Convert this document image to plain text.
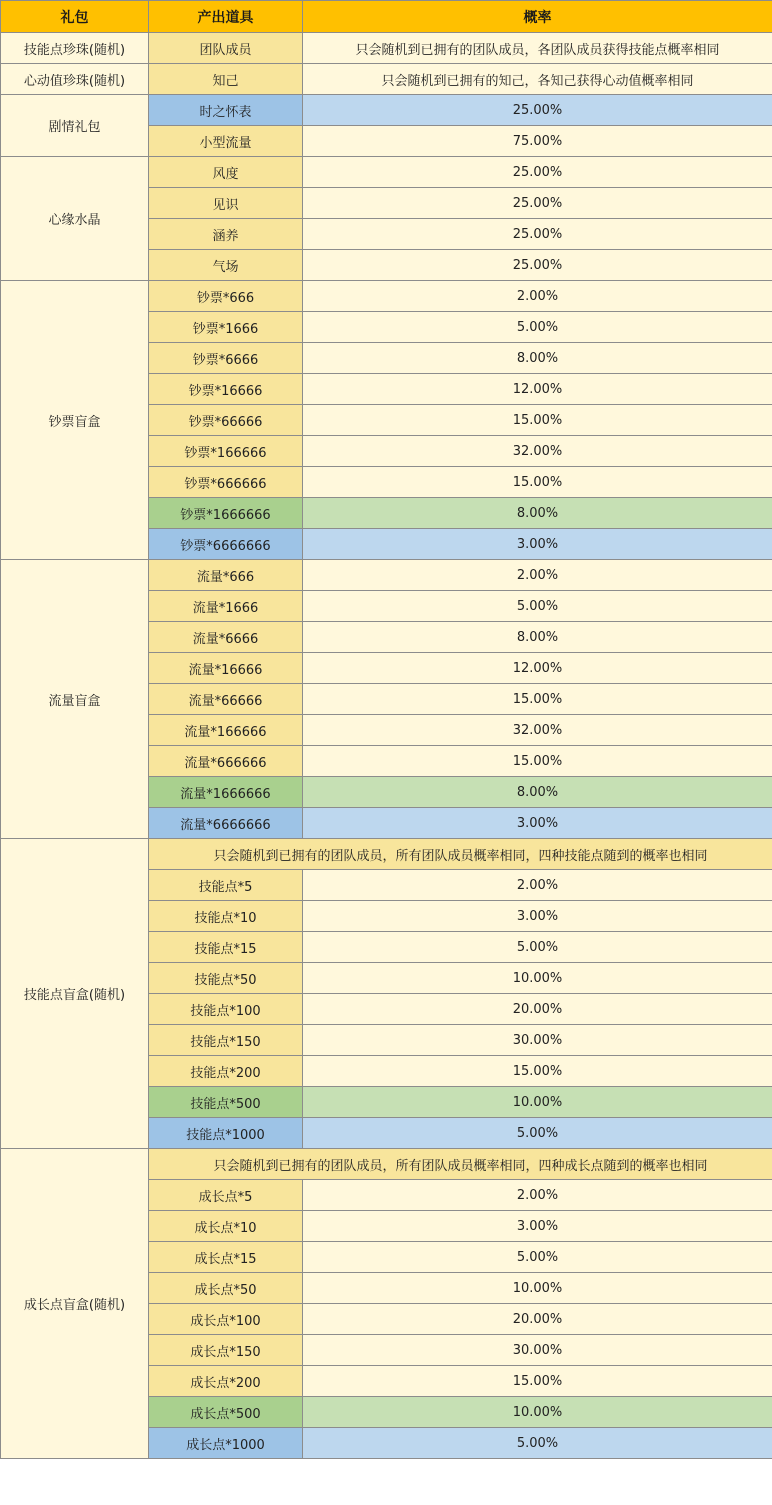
礼包	产出道具	概率
技能点珍珠(随机)	团队成员	只会随机到已拥有的团队成员，各团队成员获得技能点概率相同
心动值珍珠(随机)	知己	只会随机到已拥有的知己，各知己获得心动值概率相同
剧情礼包	时之怀表	25.00%
	小型流量	75.00%
心缘水晶	风度	25.00%
	见识	25.00%
	涵养	25.00%
	气场	25.00%
钞票盲盒	钞票*666	2.00%
	钞票*1666	5.00%
	钞票*6666	8.00%
	钞票*16666	12.00%
	钞票*66666	15.00%
	钞票*166666	32.00%
	钞票*666666	15.00%
	钞票*1666666	8.00%
	钞票*6666666	3.00%
流量盲盒	流量*666	2.00%
	流量*1666	5.00%
	流量*6666	8.00%
	流量*16666	12.00%
	流量*66666	15.00%
	流量*166666	32.00%
	流量*666666	15.00%
	流量*1666666	8.00%
	流量*6666666	3.00%
技能点盲盒(随机)	只会随机到已拥有的团队成员，所有团队成员概率相同，四种技能点随到的概率也相同	
	技能点*5	2.00%
	技能点*10	3.00%
	技能点*15	5.00%
	技能点*50	10.00%
	技能点*100	20.00%
	技能点*150	30.00%
	技能点*200	15.00%
	技能点*500	10.00%
	技能点*1000	5.00%
成长点盲盒(随机)	只会随机到已拥有的团队成员，所有团队成员概率相同，四种成长点随到的概率也相同	
	成长点*5	2.00%
	成长点*10	3.00%
	成长点*15	5.00%
	成长点*50	10.00%
	成长点*100	20.00%
	成长点*150	30.00%
	成长点*200	15.00%
	成长点*500	10.00%
	成长点*1000	5.00%
